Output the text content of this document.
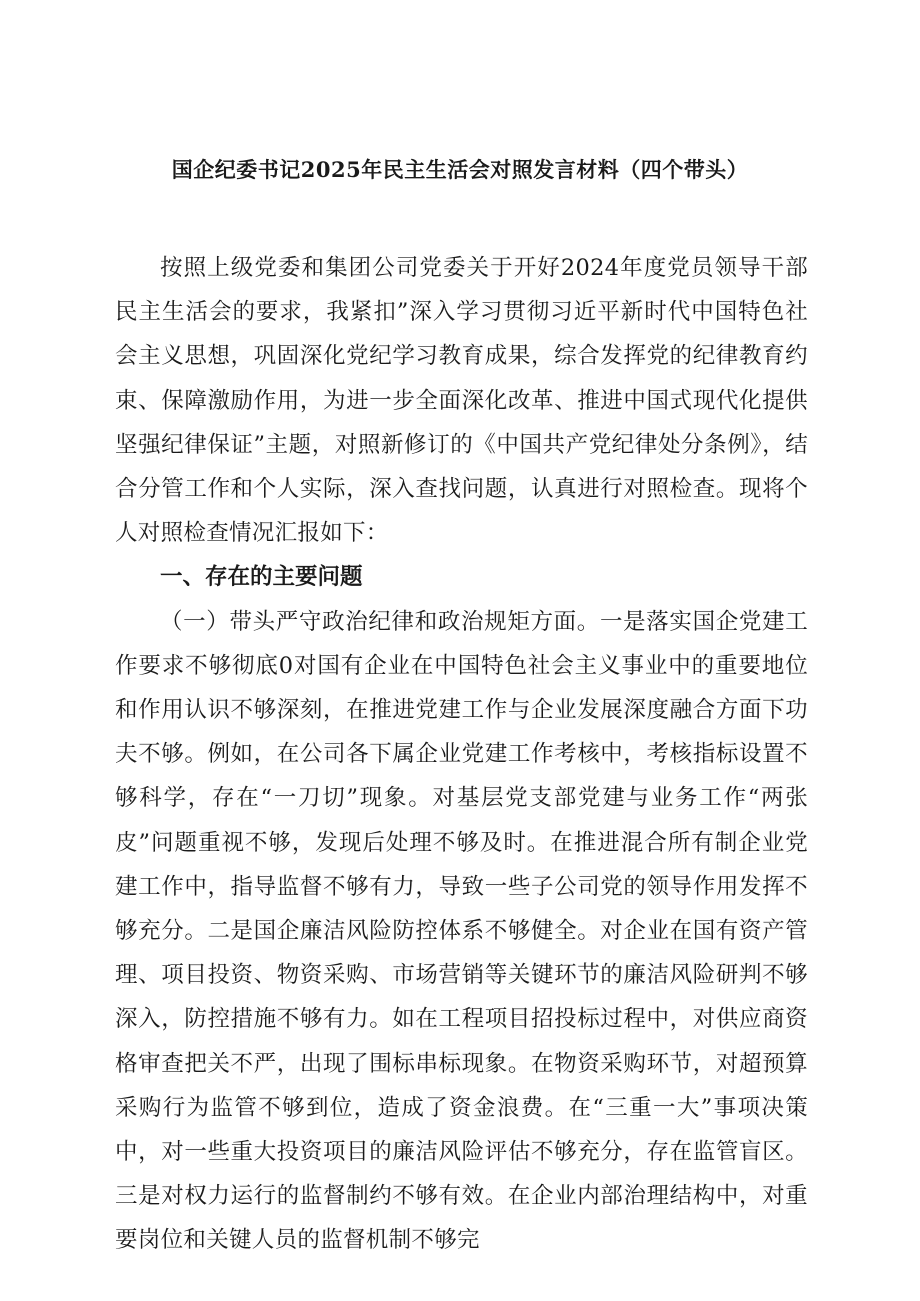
国企纪委书记2025年民主生活会对照发言材料（四个带头）

按照上级党委和集团公司党委关于开好2024年度党员领导干部民主生活会的要求，我紧扣”深入学习贯彻习近平新时代中国特色社会主义思想，巩固深化党纪学习教育成果，综合发挥党的纪律教育约束、保障激励作用，为进一步全面深化改革、推进中国式现代化提供坚强纪律保证”主题，对照新修订的《中国共产党纪律处分条例》，结合分管工作和个人实际，深入查找问题，认真进行对照检查。现将个人对照检查情况汇报如下：

一、存在的主要问题

（一）带头严守政治纪律和政治规矩方面。一是落实国企党建工作要求不够彻底0对国有企业在中国特色社会主义事业中的重要地位和作用认识不够深刻，在推进党建工作与企业发展深度融合方面下功夫不够。例如，在公司各下属企业党建工作考核中，考核指标设置不够科学，存在“一刀切”现象。对基层党支部党建与业务工作“两张皮”问题重视不够，发现后处理不够及时。在推进混合所有制企业党建工作中，指导监督不够有力，导致一些子公司党的领导作用发挥不够充分。二是国企廉洁风险防控体系不够健全。对企业在国有资产管理、项目投资、物资采购、市场营销等关键环节的廉洁风险研判不够深入，防控措施不够有力。如在工程项目招投标过程中，对供应商资格审查把关不严，出现了围标串标现象。在物资采购环节，对超预算采购行为监管不够到位，造成了资金浪费。在“三重一大”事项决策中，对一些重大投资项目的廉洁风险评估不够充分，存在监管盲区。三是对权力运行的监督制约不够有效。在企业内部治理结构中，对重要岗位和关键人员的监督机制不够完
